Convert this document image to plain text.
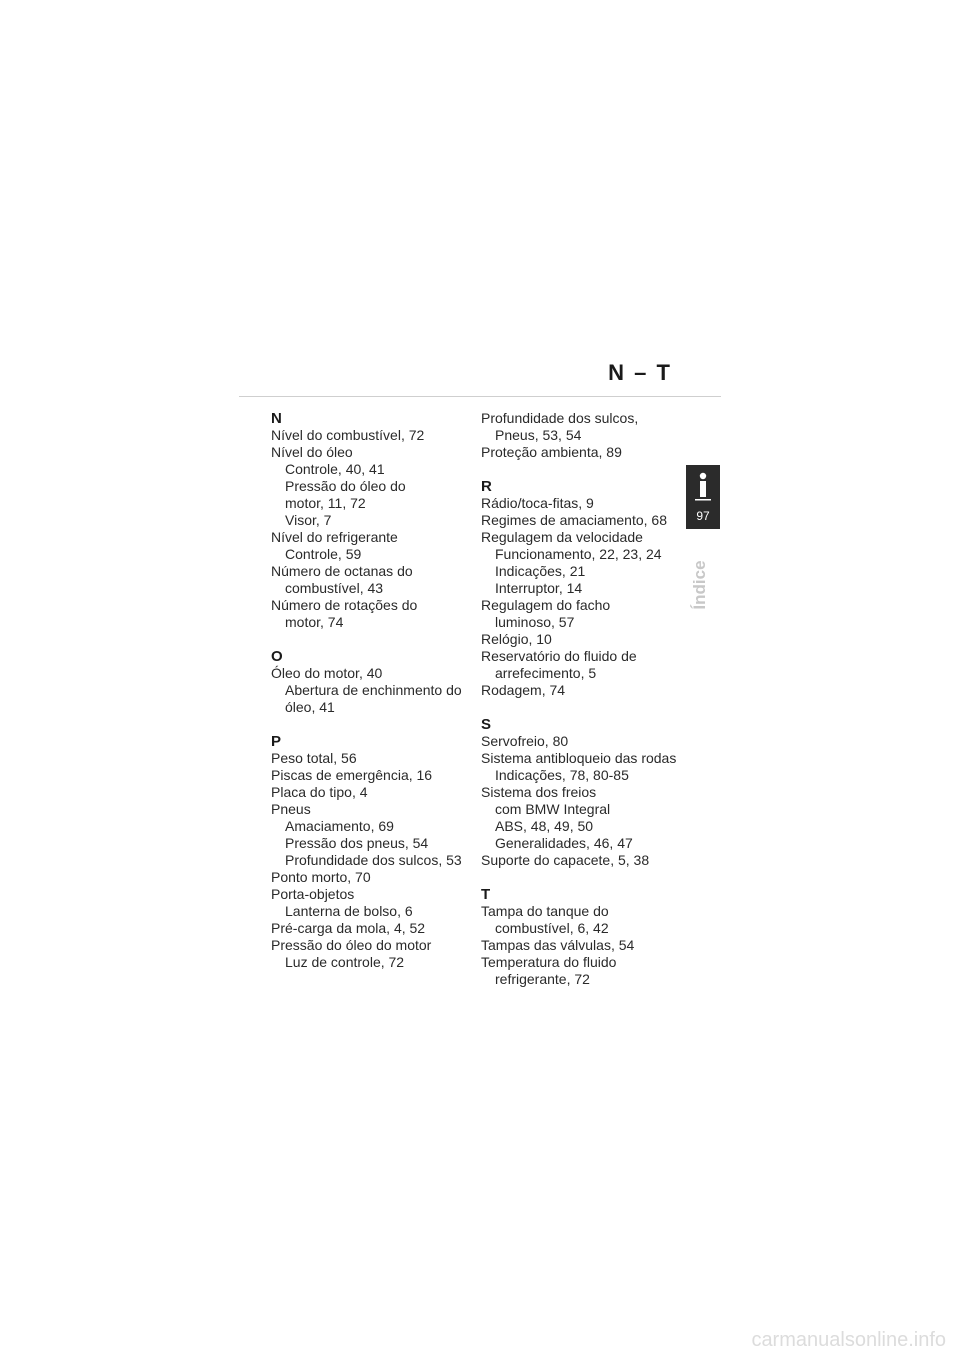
N – T
97
Índice
N
Nível do combustível, 72
Nível do óleo
Controle, 40, 41
Pressão do óleo do
motor, 11, 72
Visor, 7
Nível do refrigerante
Controle, 59
Número de octanas do
combustível, 43
Número de rotações do
motor, 74
O
Óleo do motor, 40
Abertura de enchinmento do
óleo, 41
P
Peso total, 56
Piscas de emergência, 16
Placa do tipo, 4
Pneus
Amaciamento, 69
Pressão dos pneus, 54
Profundidade dos sulcos, 53
Ponto morto, 70
Porta-objetos
Lanterna de bolso, 6
Pré-carga da mola, 4, 52
Pressão do óleo do motor
Luz de controle, 72
Profundidade dos sulcos,
Pneus, 53, 54
Proteção ambienta, 89
R
Rádio/toca-fitas, 9
Regimes de amaciamento, 68
Regulagem da velocidade
Funcionamento, 22, 23, 24
Indicações, 21
Interruptor, 14
Regulagem do facho
luminoso, 57
Relógio, 10
Reservatório do fluido de
arrefecimento, 5
Rodagem, 74
S
Servofreio, 80
Sistema antibloqueio das rodas
Indicações, 78, 80-85
Sistema dos freios
com BMW Integral
ABS, 48, 49, 50
Generalidades, 46, 47
Suporte do capacete, 5, 38
T
Tampa do tanque do
combustível, 6, 42
Tampas das válvulas, 54
Temperatura do fluido
refrigerante, 72
carmanualsonline.info
